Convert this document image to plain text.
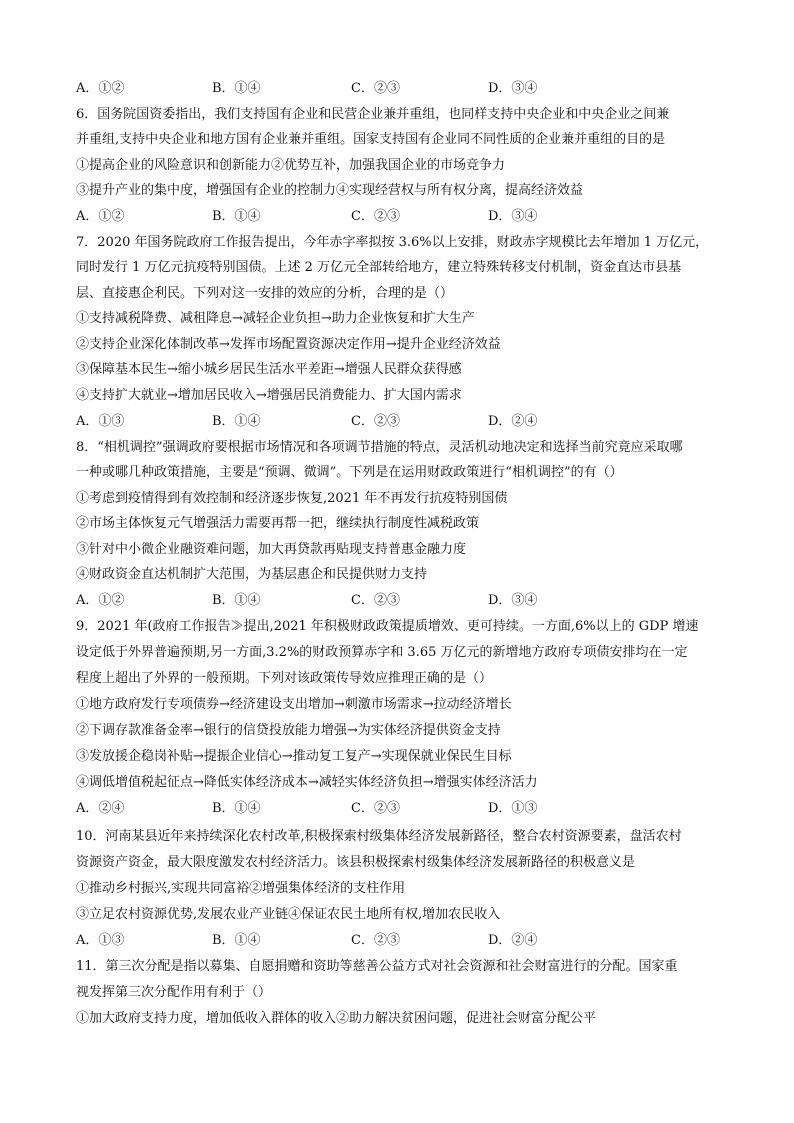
A．①②	B．①④	C．②③	D．③④
6．国务院国资委指出，我们支持国有企业和民营企业兼并重组，也同样支持中央企业和中央企业之间兼
并重组,支持中央企业和地方国有企业兼并重组。国家支持国有企业同不同性质的企业兼并重组的目的是
①提高企业的风险意识和创新能力②优势互补，加强我国企业的市场竞争力
③提升产业的集中度，增强国有企业的控制力④实现经营权与所有权分离，提高经济效益
A．①②	B．①④	C．②③	D．③④
7．2020 年国务院政府工作报告提出，今年赤字率拟按 3.6%以上安排，财政赤字规模比去年增加 1 万亿元，
同时发行 1 万亿元抗疫特别国债。上述 2 万亿元全部转给地方，建立特殊转移支付机制，资金直达市县基
层、直接惠企利民。下列对这一安排的效应的分析，合理的是（）
①支持减税降费、减租降息→减轻企业负担→助力企业恢复和扩大生产
②支持企业深化体制改革→发挥市场配置资源决定作用→提升企业经济效益
③保障基本民生→缩小城乡居民生活水平差距→增强人民群众获得感
④支持扩大就业→增加居民收入→增强居民消费能力、扩大国内需求
A．①③	B．①④	C．②③	D．②④
8．“相机调控”强调政府要根据市场情况和各项调节措施的特点，灵活机动地决定和选择当前究竟应采取哪
一种或哪几种政策措施，主要是“预调、微调”。下列是在运用财政政策进行“相机调控”的有（）
①考虑到疫情得到有效控制和经济逐步恢复,2021 年不再发行抗疫特别国债
②市场主体恢复元气增强活力需要再帮一把，继续执行制度性减税政策
③针对中小微企业融资难问题，加大再贷款再贴现支持普惠金融力度
④财政资金直达机制扩大范围，为基层惠企和民提供财力支持
A．①②	B．①④	C．②③	D．③④
9．2021 年(政府工作报告≫提出,2021 年积极财政政策提质增效、更可持续。一方面,6%以上的 GDP 增速
设定低于外界普遍预期,另一方面,3.2%的财政预算赤字和 3.65 万亿元的新增地方政府专项债安排均在一定
程度上超出了外界的一般预期。下列对该政策传导效应推理正确的是（）
①地方政府发行专项债券→经济建设支出增加→刺激市场需求→拉动经济增长
②下调存款准备金率→银行的信贷投放能力增强→为实体经济提供资金支持
③发放援企稳岗补贴→提振企业信心→推动复工复产→实现保就业保民生目标
④调低增值税起征点→降低实体经济成本→减轻实体经济负担→增强实体经济活力
A．②④	B．①④	C．②③	D．①③
10．河南某县近年来持续深化农村改革,积极探索村级集体经济发展新路径，整合农村资源要素，盘活农村
资源资产资金，最大限度激发农村经济活力。该县积极探索村级集体经济发展新路径的积极意义是
①推动乡村振兴,实现共同富裕②增强集体经济的支柱作用
③立足农村资源优势,发展农业产业链④保证农民土地所有权,增加农民收入
A．①③	B．①④	C．②③	D．②④
11．第三次分配是指以募集、自愿捐赠和资助等慈善公益方式对社会资源和社会财富进行的分配。国家重
视发挥第三次分配作用有利于（）
①加大政府支持力度，增加低收入群体的收入②助力解决贫困问题，促进社会财富分配公平
